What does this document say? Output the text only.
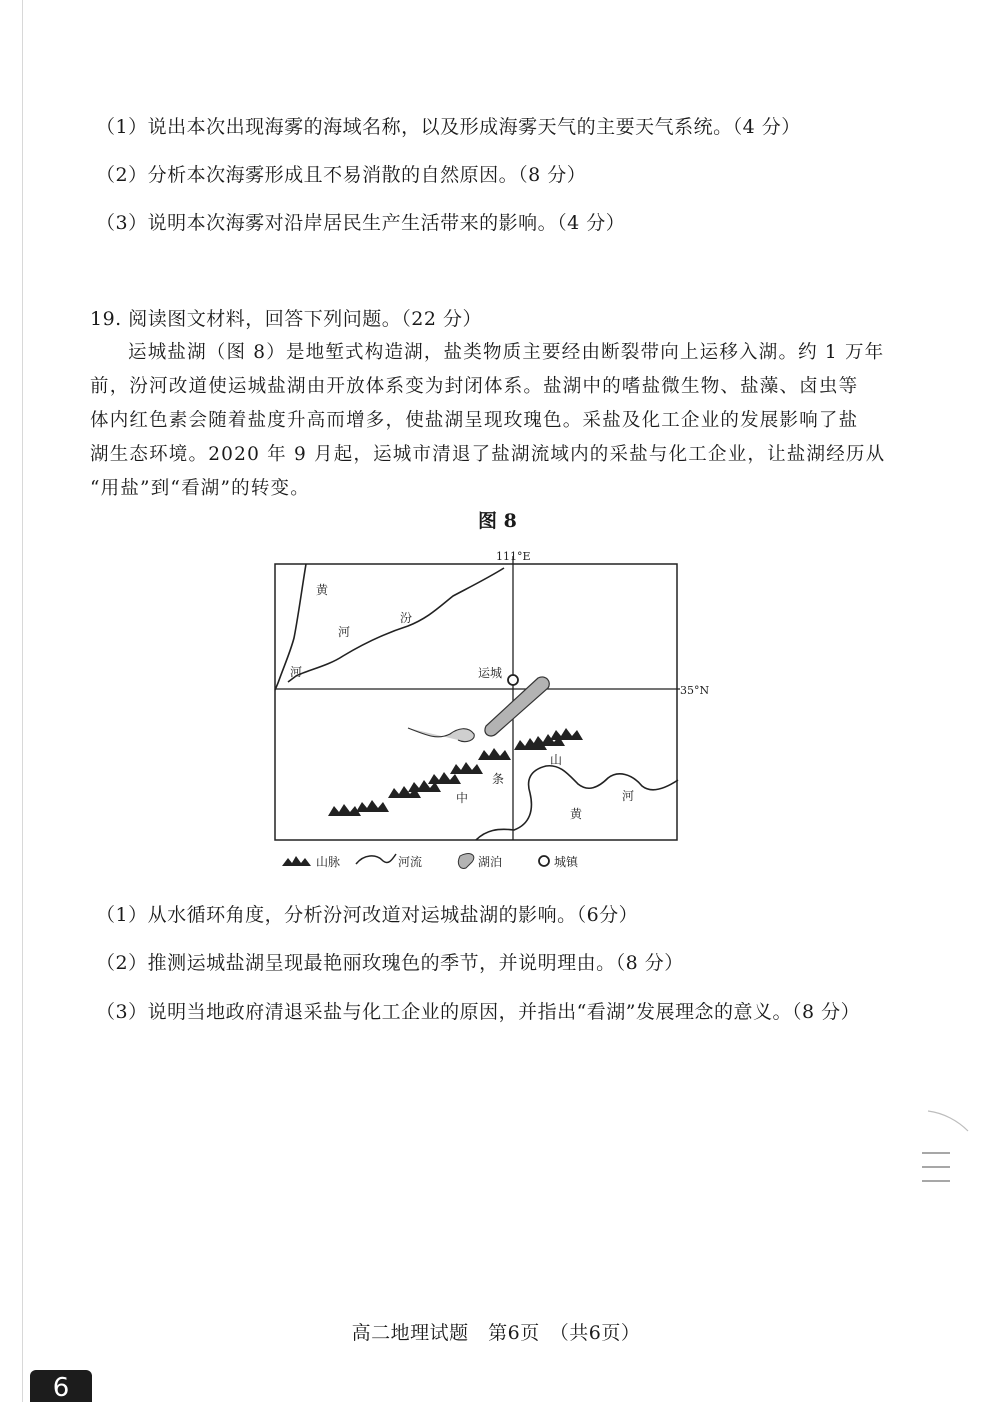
（1）说出本次出现海雾的海域名称，以及形成海雾天气的主要天气系统。（4 分）
（2）分析本次海雾形成且不易消散的自然原因。（8 分）
（3）说明本次海雾对沿岸居民生产生活带来的影响。（4 分）
19. 阅读图文材料，回答下列问题。（22 分）
运城盐湖（图 8）是地堑式构造湖，盐类物质主要经由断裂带向上运移入湖。约 1 万年
前，汾河改道使运城盐湖由开放体系变为封闭体系。盐湖中的嗜盐微生物、盐藻、卤虫等
体内红色素会随着盐度升高而增多，使盐湖呈现玫瑰色。采盐及化工企业的发展影响了盐
湖生态环境。2020 年 9 月起，运城市清退了盐湖流域内的采盐与化工企业，让盐湖经历从
“用盐”到“看湖”的转变。
图 8
111°E
35°N
运城
黄
河
河
汾
山
条
中
黄
河
山脉	河流	湖泊	城镇
（1）从水循环角度，分析汾河改道对运城盐湖的影响。（6分）
（2）推测运城盐湖呈现最艳丽玫瑰色的季节，并说明理由。（8 分）
（3）说明当地政府清退采盐与化工企业的原因，并指出“看湖”发展理念的意义。（8 分）
高二地理试题　第6页　（共6页）
6
